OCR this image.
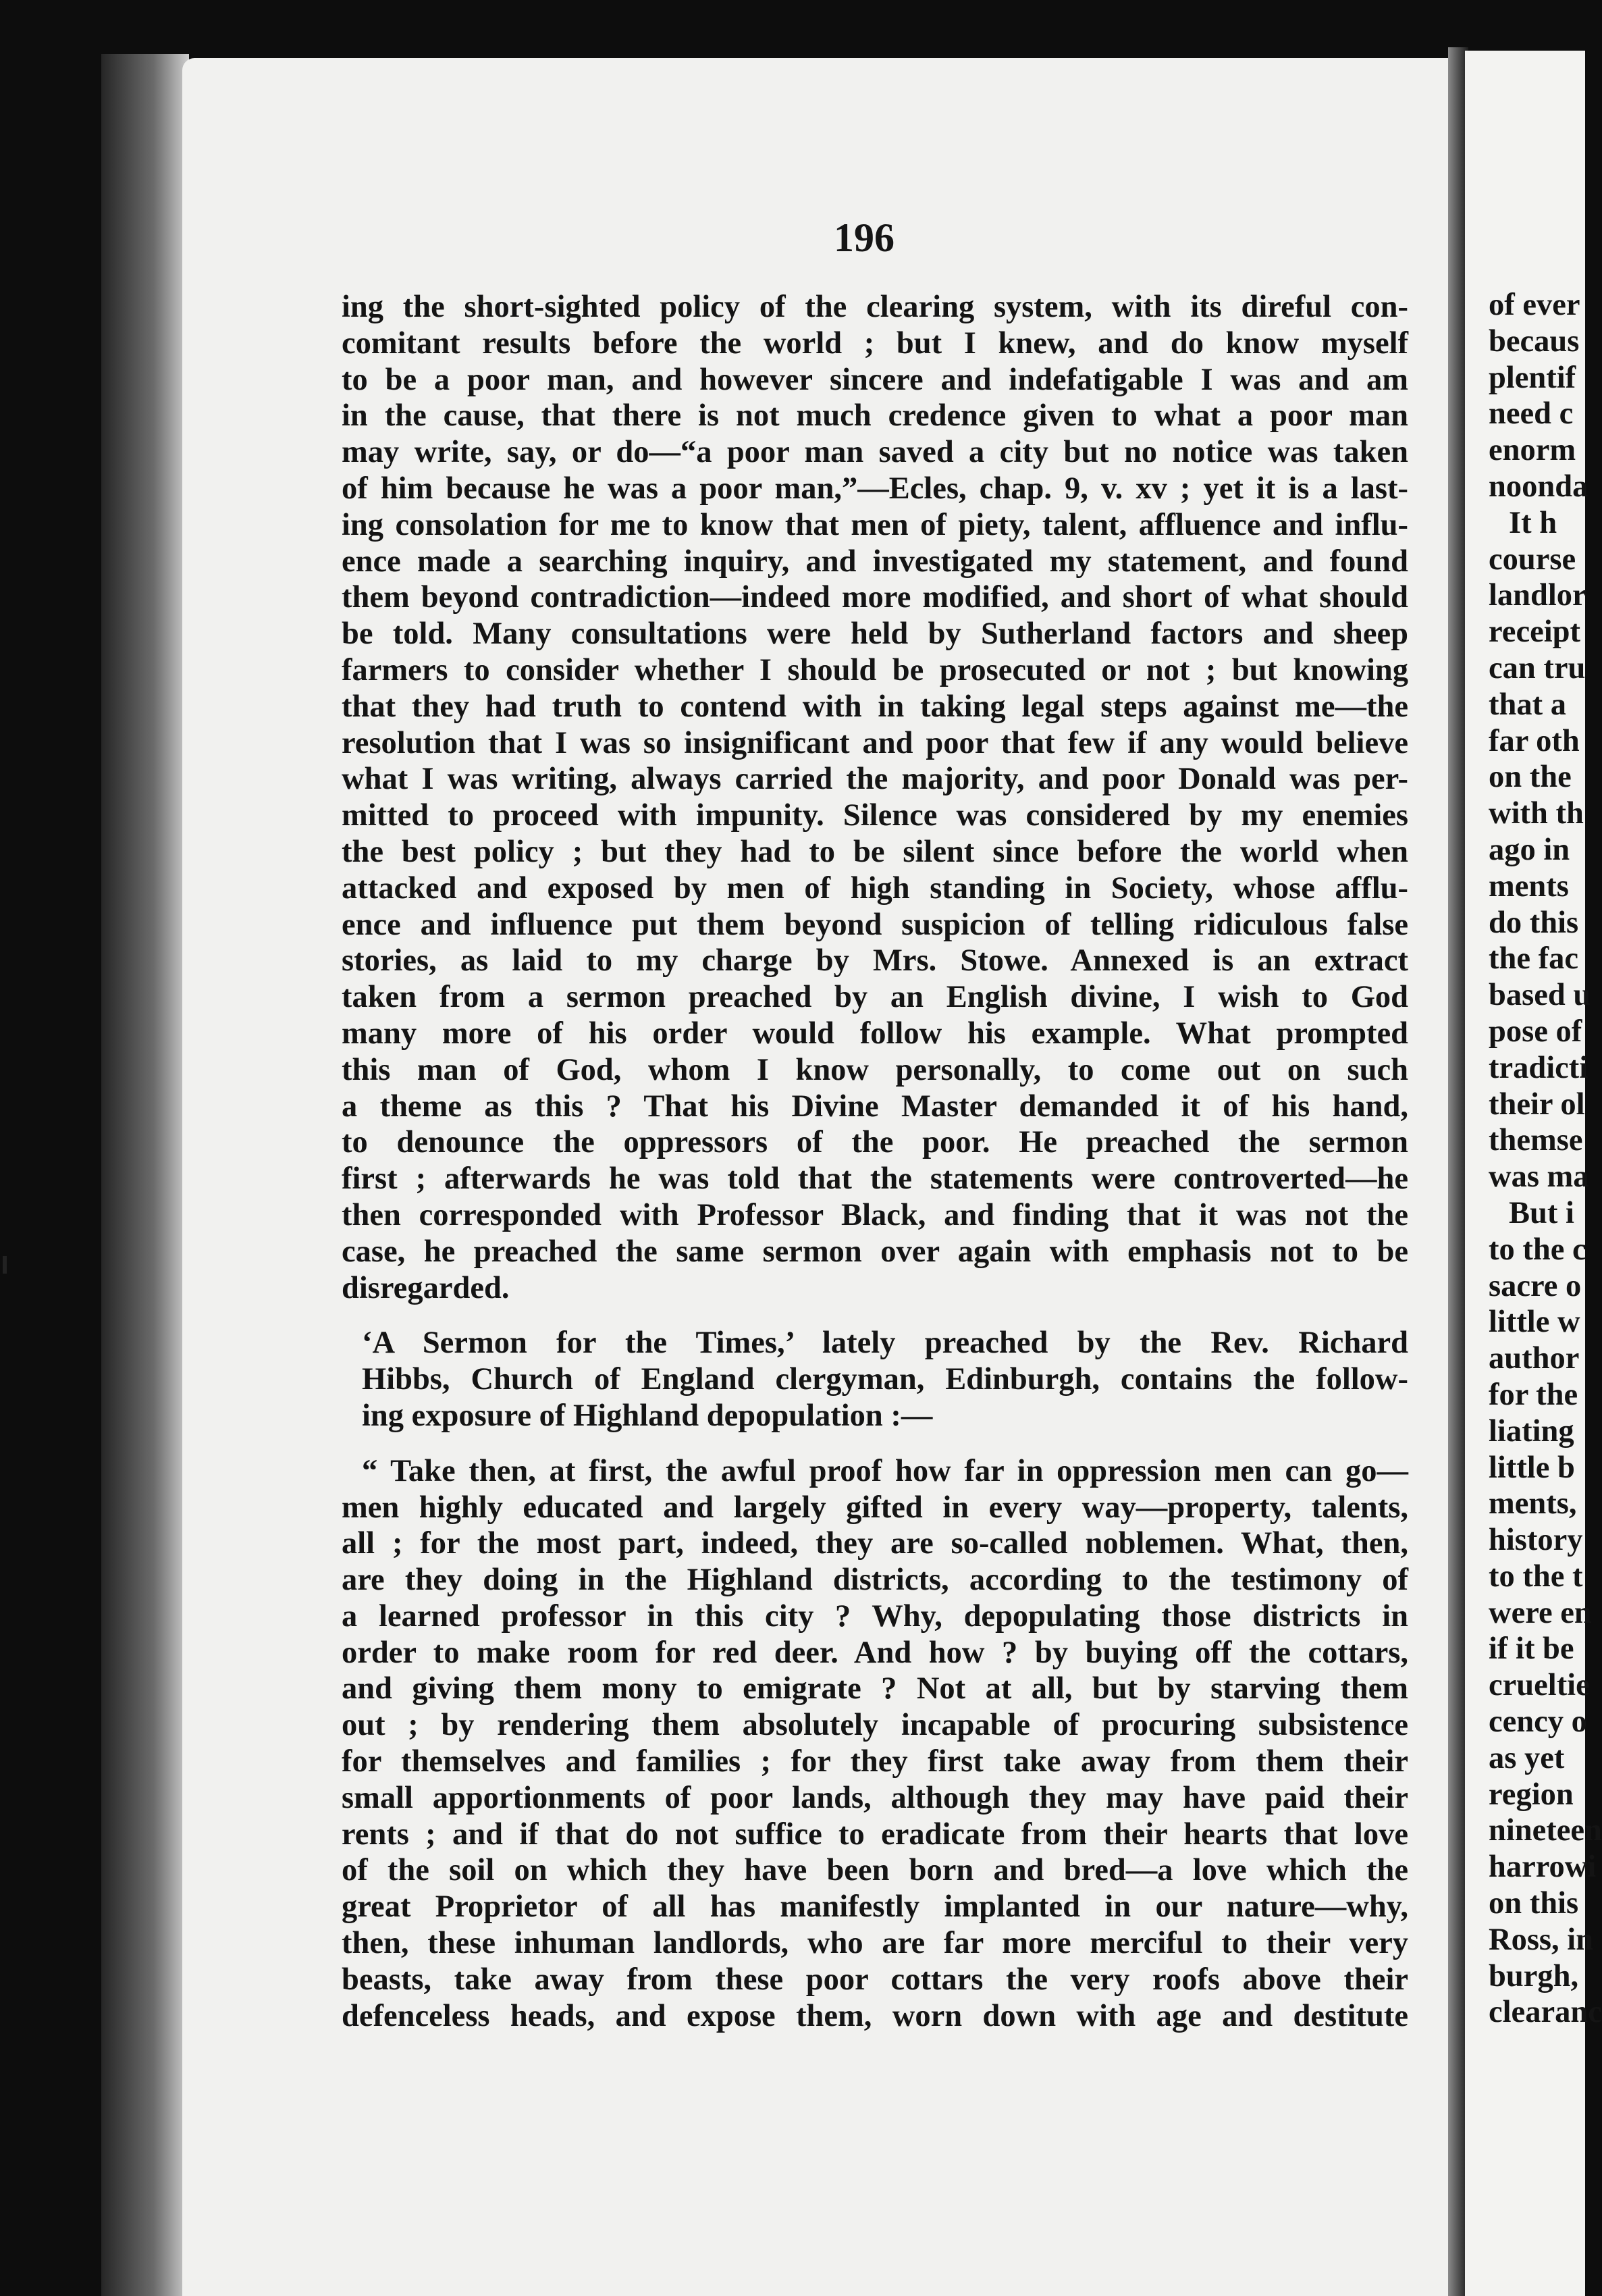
196

ing the short-sighted policy of the clearing system, with its direful con-
comitant results before the world ; but I knew, and do know myself
to be a poor man, and however sincere and indefatigable I was and am
in the cause, that there is not much credence given to what a poor man
may write, say, or do—“a poor man saved a city but no notice was taken
of him because he was a poor man,”—Ecles, chap. 9, v. xv ; yet it is a last-
ing consolation for me to know that men of piety, talent, affluence and influ-
ence made a searching inquiry, and investigated my statement, and found
them beyond contradiction—indeed more modified, and short of what should
be told. Many consultations were held by Sutherland factors and sheep
farmers to consider whether I should be prosecuted or not ; but knowing
that they had truth to contend with in taking legal steps against me—the
resolution that I was so insignificant and poor that few if any would believe
what I was writing, always carried the majority, and poor Donald was per-
mitted to proceed with impunity. Silence was considered by my enemies
the best policy ; but they had to be silent since before the world when
attacked and exposed by men of high standing in Society, whose afflu-
ence and influence put them beyond suspicion of telling ridiculous false
stories, as laid to my charge by Mrs. Stowe. Annexed is an extract
taken from a sermon preached by an English divine, I wish to God
many more of his order would follow his example. What prompted
this man of God, whom I know personally, to come out on such
a theme as this ? That his Divine Master demanded it of his hand,
to denounce the oppressors of the poor. He preached the sermon
first ; afterwards he was told that the statements were controverted—he
then corresponded with Professor Black, and finding that it was not the
case, he preached the same sermon over again with emphasis not to be
disregarded.

‘A Sermon for the Times,’ lately preached by the Rev. Richard
Hibbs, Church of England clergyman, Edinburgh, contains the follow-
ing exposure of Highland depopulation :—

“ Take then, at first, the awful proof how far in oppression men can go—
men highly educated and largely gifted in every way—property, talents,
all ; for the most part, indeed, they are so-called noblemen. What, then,
are they doing in the Highland districts, according to the testimony of
a learned professor in this city ? Why, depopulating those districts in
order to make room for red deer. And how ? by buying off the cottars,
and giving them mony to emigrate ? Not at all, but by starving them
out ; by rendering them absolutely incapable of procuring subsistence
for themselves and families ; for they first take away from them their
small apportionments of poor lands, although they may have paid their
rents ; and if that do not suffice to eradicate from their hearts that love
of the soil on which they have been born and bred—a love which the
great Proprietor of all has manifestly implanted in our nature—why,
then, these inhuman landlords, who are far more merciful to their very
beasts, take away from these poor cottars the very roofs above their
defenceless heads, and expose them, worn down with age and destitute

of ever
becaus
plentif
need c
enorm
noonda
It h
course
landlor
receipt
can tru
that a
far oth
on the
with th
ago in
ments
do this
the fac
based u
pose of
tradicti
their ol
themse
was ma
But i
to the c
sacre o
little w
author
for the
liating
little b
ments,
history
to the t
were en
if it be
crueltie
cency o
as yet
region
nineteen
harrowi
on this
Ross, in
burgh,
clearanc
